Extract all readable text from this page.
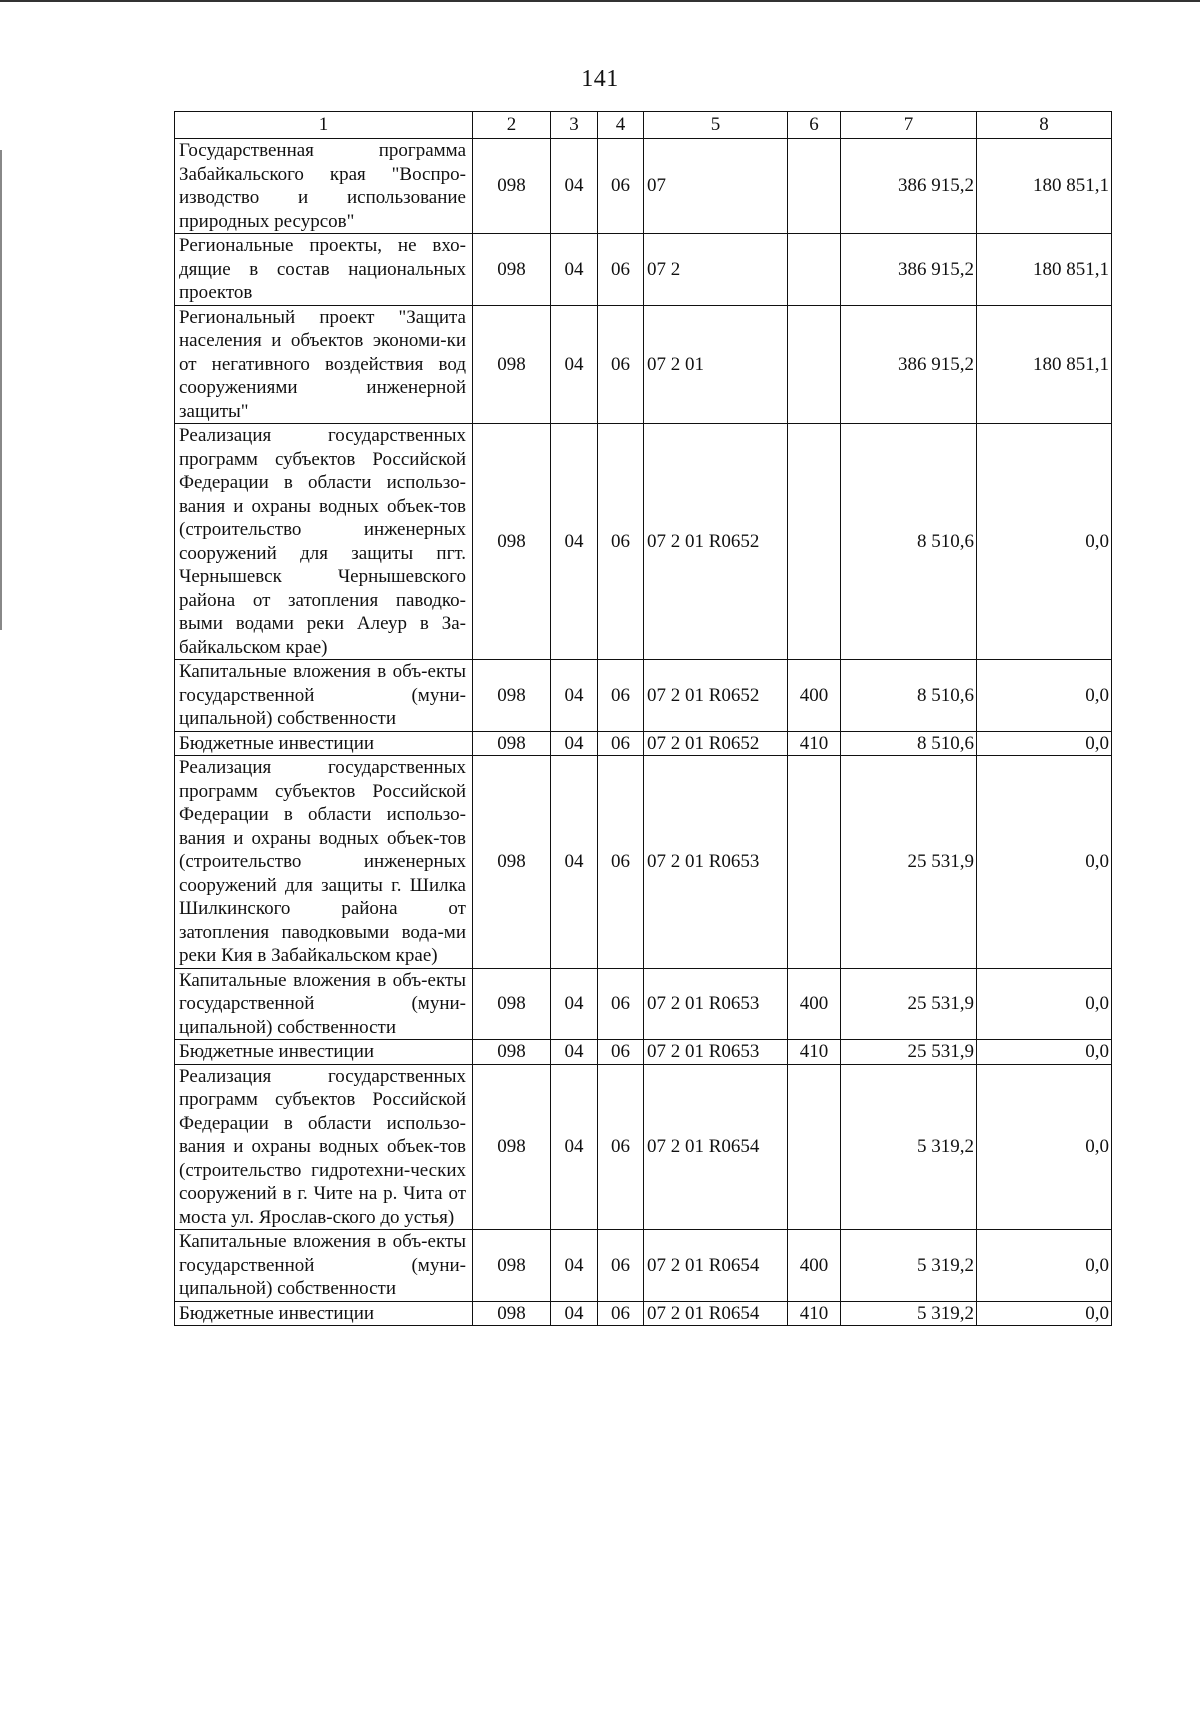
141
1	2	3	4	5	6	7	8
Государственная программа Забайкальского края "Воспро-изводство и использование природных ресурсов"	098	04	06	07		386 915,2	180 851,1
Региональные проекты, не вхо-дящие в состав национальных проектов	098	04	06	07 2		386 915,2	180 851,1
Региональный проект "Защита населения и объектов экономи-ки от негативного воздействия вод сооружениями инженерной защиты"	098	04	06	07 2 01		386 915,2	180 851,1
Реализация государственных программ субъектов Российской Федерации в области использо-вания и охраны водных объек-тов (строительство инженерных сооружений для защиты пгт. Чернышевск Чернышевского района от затопления паводко-выми водами реки Алеур в За-байкальском крае)	098	04	06	07 2 01 R0652		8 510,6	0,0
Капитальные вложения в объ-екты государственной (муни-ципальной) собственности	098	04	06	07 2 01 R0652	400	8 510,6	0,0
Бюджетные инвестиции	098	04	06	07 2 01 R0652	410	8 510,6	0,0
Реализация государственных программ субъектов Российской Федерации в области использо-вания и охраны водных объек-тов (строительство инженерных сооружений для защиты г. Шилка Шилкинского района от затопления паводковыми вода-ми реки Кия в Забайкальском крае)	098	04	06	07 2 01 R0653		25 531,9	0,0
Капитальные вложения в объ-екты государственной (муни-ципальной) собственности	098	04	06	07 2 01 R0653	400	25 531,9	0,0
Бюджетные инвестиции	098	04	06	07 2 01 R0653	410	25 531,9	0,0
Реализация государственных программ субъектов Российской Федерации в области использо-вания и охраны водных объек-тов (строительство гидротехни-ческих сооружений в г. Чите на р. Чита от моста ул. Ярослав-ского до устья)	098	04	06	07 2 01 R0654		5 319,2	0,0
Капитальные вложения в объ-екты государственной (муни-ципальной) собственности	098	04	06	07 2 01 R0654	400	5 319,2	0,0
Бюджетные инвестиции	098	04	06	07 2 01 R0654	410	5 319,2	0,0
